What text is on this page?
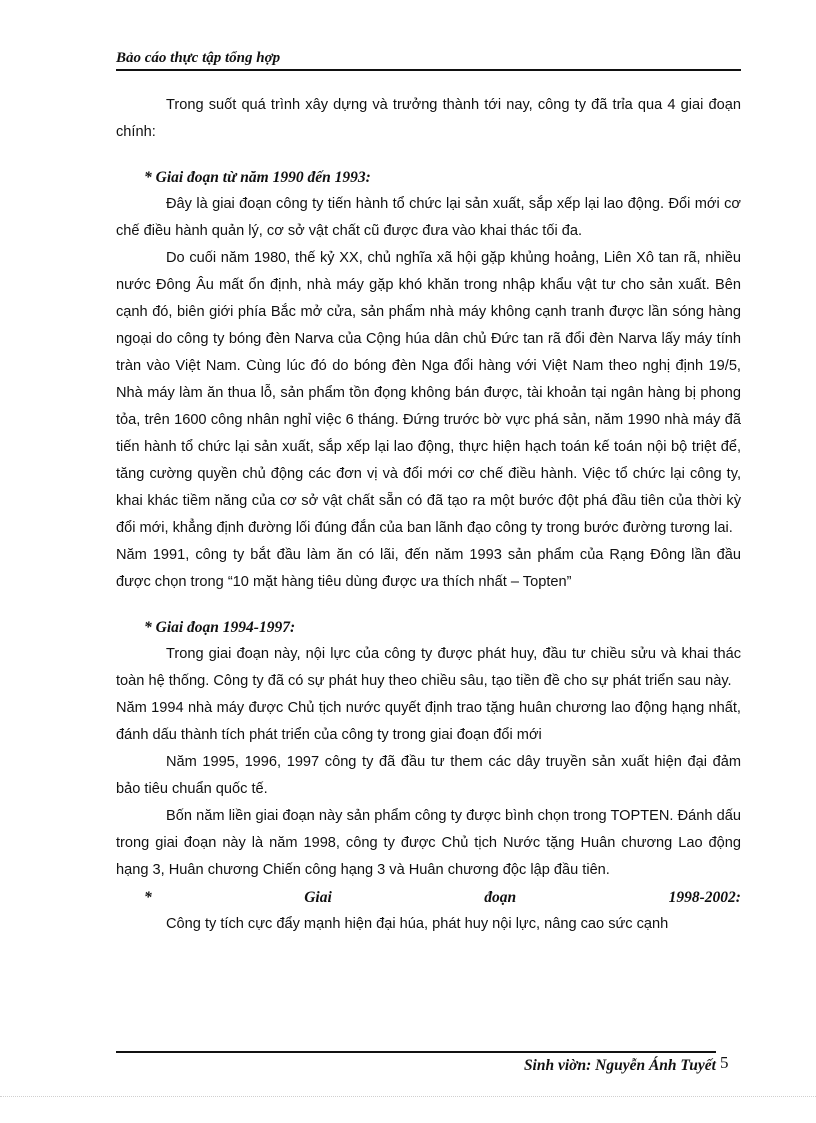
Bảo cáo thực tập tổng hợp

Trong suốt quá trình xây dựng và trưởng thành tới nay, công ty đã trỉa qua 4 giai đoạn chính:

* Giai đoạn từ năm 1990 đến 1993:

Đây là giai đoạn công ty tiến hành tổ chức lại sản xuất, sắp xếp lại lao động. Đổi mới cơ chế điều hành quản lý, cơ sở vật chất cũ được đưa vào khai thác tối đa.

Do cuối năm 1980, thế kỷ XX, chủ nghĩa xã hội gặp khủng hoảng, Liên Xô tan rã, nhiều nước Đông Âu mất ổn định, nhà máy gặp khó khăn trong nhập khẩu vật tư cho sản xuất. Bên cạnh đó, biên giới phía Bắc mở cửa, sản phẩm nhà máy không cạnh tranh được lần sóng hàng ngoại do công ty bóng đèn Narva của Cộng húa dân chủ Đức tan rã đổi đèn Narva lấy máy tính tràn vào Việt Nam. Cùng lúc đó do bóng đèn Nga đổi hàng với Việt Nam theo nghị định 19/5, Nhà máy làm ăn thua lỗ, sản phẩm tồn đọng không bán được, tài khoản tại ngân hàng bị phong tỏa, trên 1600 công nhân nghỉ việc 6 tháng. Đứng trước bờ vực phá sản, năm 1990 nhà máy đã tiến hành tổ chức lại sản xuất, sắp xếp lại lao động, thực hiện hạch toán kế toán nội bộ triệt để, tăng cường quyền chủ động các đơn vị và đổi mới cơ chế điều hành. Việc tổ chức lại công ty, khai khác tiềm năng của cơ sở vật chất sẵn có đã tạo ra một bước đột phá đầu tiên của thời kỳ đổi mới, khẳng định đường lối đúng đắn của ban lãnh đạo công ty trong bước đường tương lai.

Năm 1991, công ty bắt đầu làm ăn có lãi, đến năm 1993 sản phẩm của Rạng Đông lần đầu được chọn trong “10 mặt hàng tiêu dùng được ưa thích nhất – Topten”

* Giai đoạn 1994-1997:

Trong giai đoạn này, nội lực của công ty được phát huy, đầu tư chiều sửu và khai thác toàn hệ thống. Công ty đã có sự phát huy theo chiều sâu, tạo tiền đề cho sự phát triển sau này.

Năm 1994 nhà máy được Chủ tịch nước quyết định trao tặng huân chương lao động hạng nhất, đánh dấu thành tích phát triển của công ty trong giai đoạn đổi mới

Năm 1995, 1996, 1997 công ty đã đầu tư them các dây truyền sản xuất hiện đại đảm bảo tiêu chuẩn quốc tế.

Bốn năm liền giai đoạn này sản phẩm công ty được bình chọn trong TOPTEN. Đánh dấu trong giai đoạn này là năm 1998, công ty được Chủ tịch Nước tặng Huân chương Lao động hạng 3, Huân chương Chiến công hạng 3 và Huân chương độc lập đầu tiên.

*	Giai	đoạn	1998-2002:

Công ty tích cực đẩy mạnh hiện đại húa, phát huy nội lực, nâng cao sức cạnh

Sinh viờn: Nguyễn Ánh Tuyết 5
